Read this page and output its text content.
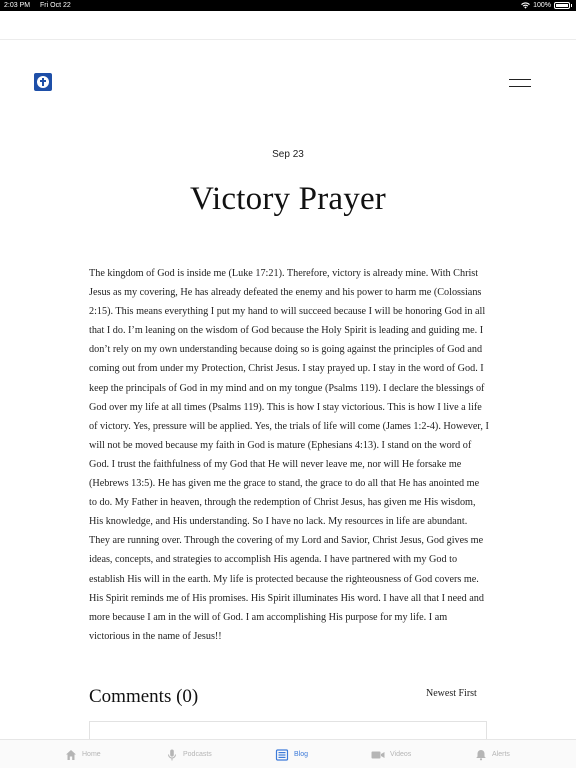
2:03 PM Fri Oct 22	100%
Sep 23
Victory Prayer
The kingdom of God is inside me (Luke 17:21). Therefore, victory is already mine. With Christ Jesus as my covering, He has already defeated the enemy and his power to harm me (Colossians 2:15). This means everything I put my hand to will succeed because I will be honoring God in all that I do. I’m leaning on the wisdom of God because the Holy Spirit is leading and guiding me. I don’t rely on my own understanding because doing so is going against the principles of God and coming out from under my Protection, Christ Jesus. I stay prayed up. I stay in the word of God. I keep the principals of God in my mind and on my tongue (Psalms 119). I declare the blessings of God over my life at all times (Psalms 119). This is how I stay victorious. This is how I live a life of victory. Yes, pressure will be applied. Yes, the trials of life will come (James 1:2-4). However, I will not be moved because my faith in God is mature (Ephesians 4:13). I stand on the word of God. I trust the faithfulness of my God that He will never leave me, nor will He forsake me (Hebrews 13:5). He has given me the grace to stand, the grace to do all that He has anointed me to do. My Father in heaven, through the redemption of Christ Jesus, has given me His wisdom, His knowledge, and His understanding. So I have no lack. My resources in life are abundant. They are running over. Through the covering of my Lord and Savior, Christ Jesus, God gives me ideas, concepts, and strategies to accomplish His agenda. I have partnered with my God to establish His will in the earth. My life is protected because the righteousness of God covers me. His Spirit reminds me of His promises. His Spirit illuminates His word. I have all that I need and more because I am in the will of God. I am accomplishing His purpose for my life. I am victorious in the name of Jesus!!
Comments (0)	Newest First
Home	Podcasts	Blog	Videos	Alerts
